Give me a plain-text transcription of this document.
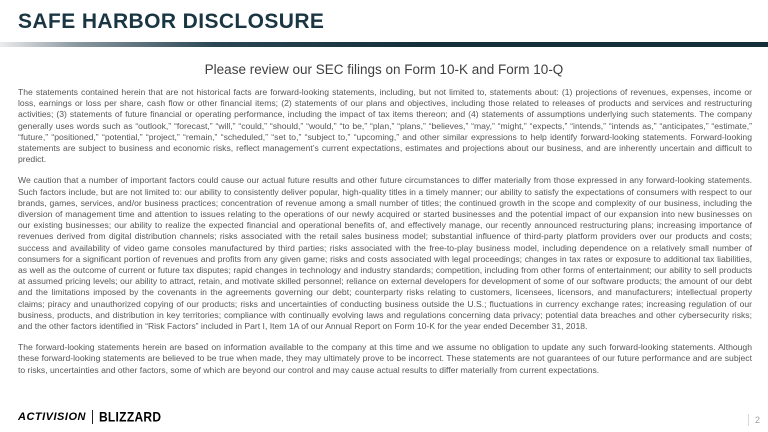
SAFE HARBOR DISCLOSURE
Please review our SEC filings on Form 10-K and Form 10-Q

The statements contained herein that are not historical facts are forward-looking statements, including, but not limited to, statements about: (1) projections of revenues, expenses, income or loss, earnings or loss per share, cash flow or other financial items; (2) statements of our plans and objectives, including those related to releases of products and services and restructuring activities; (3) statements of future financial or operating performance, including the impact of tax items thereon; and (4) statements of assumptions underlying such statements. The company generally uses words such as “outlook,” “forecast,” “will,” “could,” “should,” “would,” “to be,” “plan,” “plans,” “believes,” “may,” “might,” “expects,” “intends,” “intends as,” “anticipates,” “estimate,” “future,” “positioned,” “potential,” “project,” “remain,” “scheduled,” “set to,” “subject to,” “upcoming,” and other similar expressions to help identify forward-looking statements. Forward-looking statements are subject to business and economic risks, reflect management’s current expectations, estimates and projections about our business, and are inherently uncertain and difficult to predict.

We caution that a number of important factors could cause our actual future results and other future circumstances to differ materially from those expressed in any forward-looking statements. Such factors include, but are not limited to: our ability to consistently deliver popular, high-quality titles in a timely manner; our ability to satisfy the expectations of consumers with respect to our brands, games, services, and/or business practices; concentration of revenue among a small number of titles; the continued growth in the scope and complexity of our business, including the diversion of management time and attention to issues relating to the operations of our newly acquired or started businesses and the potential impact of our expansion into new businesses on our existing businesses; our ability to realize the expected financial and operational benefits of, and effectively manage, our recently announced restructuring plans; increasing importance of revenues derived from digital distribution channels; risks associated with the retail sales business model; substantial influence of third-party platform providers over our products and costs; success and availability of video game consoles manufactured by third parties; risks associated with the free-to-play business model, including dependence on a relatively small number of consumers for a significant portion of revenues and profits from any given game; risks and costs associated with legal proceedings; changes in tax rates or exposure to additional tax liabilities, as well as the outcome of current or future tax disputes; rapid changes in technology and industry standards; competition, including from other forms of entertainment; our ability to sell products at assumed pricing levels; our ability to attract, retain, and motivate skilled personnel; reliance on external developers for development of some of our software products; the amount of our debt and the limitations imposed by the covenants in the agreements governing our debt; counterparty risks relating to customers, licensees, licensors, and manufacturers; intellectual property claims; piracy and unauthorized copying of our products; risks and uncertainties of conducting business outside the U.S.; fluctuations in currency exchange rates; increasing regulation of our business, products, and distribution in key territories; compliance with continually evolving laws and regulations concerning data privacy; potential data breaches and other cybersecurity risks; and the other factors identified in “Risk Factors” included in Part I, Item 1A of our Annual Report on Form 10-K for the year ended December 31, 2018.

The forward-looking statements herein are based on information available to the company at this time and we assume no obligation to update any such forward-looking statements. Although these forward-looking statements are believed to be true when made, they may ultimately prove to be incorrect. These statements are not guarantees of our future performance and are subject to risks, uncertainties and other factors, some of which are beyond our control and may cause actual results to differ materially from current expectations.

ACTIVISION BLIZZARD	2
